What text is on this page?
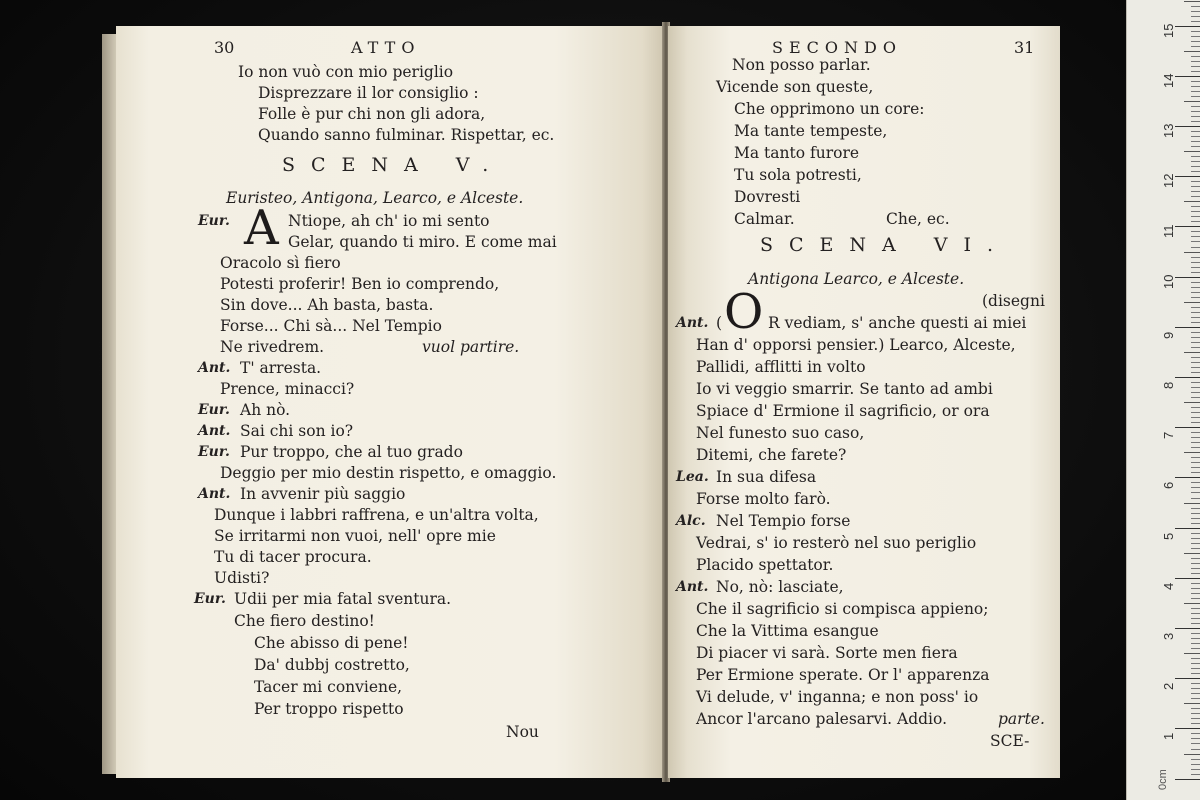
0cm
15
14
13
12
11
10
9
8
7
6
5
4
3
2
1
30	ATTO
Io non vuò con mio periglio
Disprezzare il lor consiglio :
Folle è pur chi non gli adora,
Quando sanno fulminar. Rispettar, ec.
SCENA V.
Euristeo, Antigona, Learco, e Alceste.
Eur. A Ntiope, ah ch' io mi sento
Gelar, quando ti miro. E come mai
Oracolo sì fiero
Potesti proferir! Ben io comprendo,
Sin dove... Ah basta, basta.
Forse... Chi sà... Nel Tempio
Ne rivedrem.	vuol partire.
Ant. T' arresta.
Prence, minacci?
Eur. Ah nò.
Ant. Sai chi son io?
Eur. Pur troppo, che al tuo grado
Deggio per mio destin rispetto, e omaggio.
Ant. In avvenir più saggio
Dunque i labbri raffrena, e un'altra volta,
Se irritarmi non vuoi, nell' opre mie
Tu di tacer procura.
Udisti?
Eur. Udii per mia fatal sventura.
Che fiero destino!
Che abisso di pene!
Da' dubbj costretto,
Tacer mi conviene,
Per troppo rispetto
Nou
SECONDO	31
Non posso parlar.
Vicende son queste,
Che opprimono un core:
Ma tante tempeste,
Ma tanto furore
Tu sola potresti,
Dovresti
Calmar.	Che, ec.
SCENA VI.
Antigona Learco, e Alceste.
(disegni
Ant. ( O R vediam, s' anche questi ai miei
Han d' opporsi pensier.) Learco, Alceste,
Pallidi, afflitti in volto
Io vi veggio smarrir. Se tanto ad ambi
Spiace d' Ermione il sagrificio, or ora
Nel funesto suo caso,
Ditemi, che farete?
Lea. In sua difesa
Forse molto farò.
Alc. Nel Tempio forse
Vedrai, s' io resterò nel suo periglio
Placido spettator.
Ant. No, nò: lasciate,
Che il sagrificio si compisca appieno;
Che la Vittima esangue
Di piacer vi sarà. Sorte men fiera
Per Ermione sperate. Or l' apparenza
Vi delude, v' inganna; e non poss' io
Ancor l'arcano palesarvi. Addio.	parte.
SCE-
